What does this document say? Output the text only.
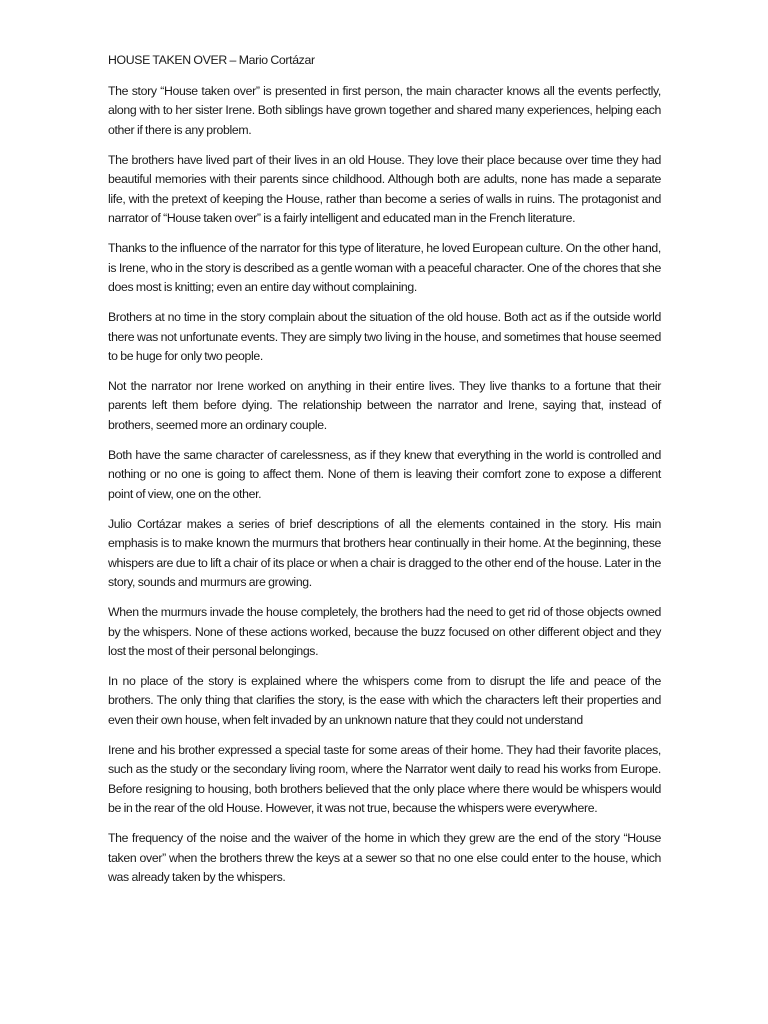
HOUSE TAKEN OVER – Mario Cortázar

The story “House taken over” is presented in first person, the main character knows all the events perfectly, along with to her sister Irene. Both siblings have grown together and shared many experiences, helping each other if there is any problem.

The brothers have lived part of their lives in an old House. They love their place because over time they had beautiful memories with their parents since childhood. Although both are adults, none has made a separate life, with the pretext of keeping the House, rather than become a series of walls in ruins. The protagonist and narrator of “House taken over” is a fairly intelligent and educated man in the French literature.

Thanks to the influence of the narrator for this type of literature, he loved European culture. On the other hand, is Irene, who in the story is described as a gentle woman with a peaceful character. One of the chores that she does most is knitting; even an entire day without complaining.

Brothers at no time in the story complain about the situation of the old house. Both act as if the outside world there was not unfortunate events. They are simply two living in the house, and sometimes that house seemed to be huge for only two people.

Not the narrator nor Irene worked on anything in their entire lives. They live thanks to a fortune that their parents left them before dying. The relationship between the narrator and Irene, saying that, instead of brothers, seemed more an ordinary couple.

Both have the same character of carelessness, as if they knew that everything in the world is controlled and nothing or no one is going to affect them. None of them is leaving their comfort zone to expose a different point of view, one on the other.

Julio Cortázar makes a series of brief descriptions of all the elements contained in the story. His main emphasis is to make known the murmurs that brothers hear continually in their home. At the beginning, these whispers are due to lift a chair of its place or when a chair is dragged to the other end of the house. Later in the story, sounds and murmurs are growing.

When the murmurs invade the house completely, the brothers had the need to get rid of those objects owned by the whispers. None of these actions worked, because the buzz focused on other different object and they lost the most of their personal belongings.

In no place of the story is explained where the whispers come from to disrupt the life and peace of the brothers. The only thing that clarifies the story, is the ease with which the characters left their properties and even their own house, when felt invaded by an unknown nature that they could not understand

Irene and his brother expressed a special taste for some areas of their home. They had their favorite places, such as the study or the secondary living room, where the Narrator went daily to read his works from Europe. Before resigning to housing, both brothers believed that the only place where there would be whispers would be in the rear of the old House. However, it was not true, because the whispers were everywhere.

The frequency of the noise and the waiver of the home in which they grew are the end of the story “House taken over” when the brothers threw the keys at a sewer so that no one else could enter to the house, which was already taken by the whispers.
